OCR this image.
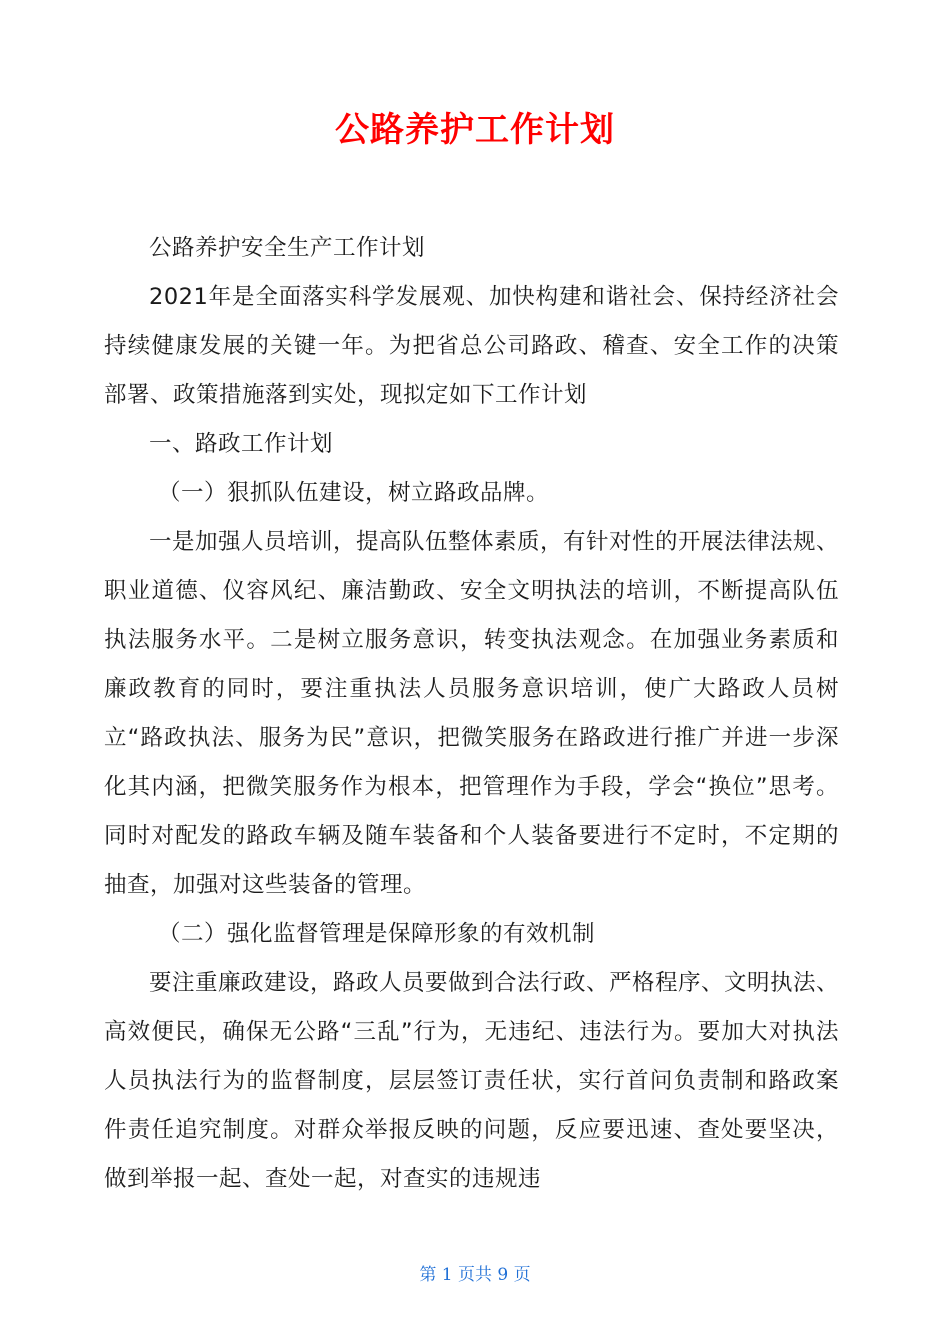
公路养护工作计划

公路养护安全生产工作计划

2021年是全面落实科学发展观、加快构建和谐社会、保持经济社会持续健康发展的关键一年。为把省总公司路政、稽查、安全工作的决策部署、政策措施落到实处，现拟定如下工作计划

一、路政工作计划

（一）狠抓队伍建设，树立路政品牌。

一是加强人员培训，提高队伍整体素质，有针对性的开展法律法规、职业道德、仪容风纪、廉洁勤政、安全文明执法的培训，不断提高队伍执法服务水平。二是树立服务意识，转变执法观念。在加强业务素质和廉政教育的同时，要注重执法人员服务意识培训，使广大路政人员树立“路政执法、服务为民”意识，把微笑服务在路政进行推广并进一步深化其内涵，把微笑服务作为根本，把管理作为手段，学会“换位”思考。同时对配发的路政车辆及随车装备和个人装备要进行不定时，不定期的抽查，加强对这些装备的管理。

（二）强化监督管理是保障形象的有效机制

要注重廉政建设，路政人员要做到合法行政、严格程序、文明执法、高效便民，确保无公路“三乱”行为，无违纪、违法行为。要加大对执法人员执法行为的监督制度，层层签订责任状，实行首问负责制和路政案件责任追究制度。对群众举报反映的问题，反应要迅速、查处要坚决，做到举报一起、查处一起，对查实的违规违

第 1 页共 9 页
